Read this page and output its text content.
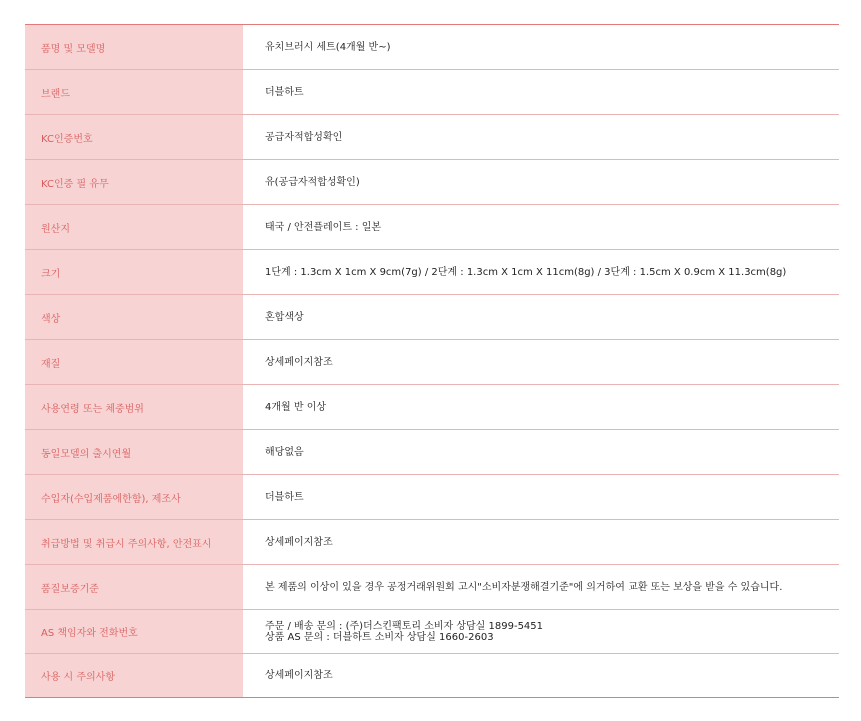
품명 및 모델명	유치브러시 세트(4개월 반~)

브랜드	더블하트

KC인증번호	공급자적합성확인

KC인증 필 유무	유(공급자적합성확인)

원산지	태국 / 안전플레이트 : 일본

크기	1단계 : 1.3cm X 1cm X 9cm(7g) / 2단계 : 1.3cm X 1cm X 11cm(8g) / 3단계 : 1.5cm X 0.9cm X 11.3cm(8g)

색상	혼합색상

재질	상세페이지참조

사용연령 또는 체중범위	4개월 반 이상

동일모델의 출시연월	해당없음

수입자(수입제품에한함), 제조사	더블하트

취급방법 및 취급시 주의사항, 안전표시	상세페이지참조

품질보증기준	본 제품의 이상이 있을 경우 공정거래위원회 고시"소비자분쟁해결기준"에 의거하여 교환 또는 보상을 받을 수 있습니다.

AS 책임자와 전화번호	주문 / 배송 문의 : (주)더스킨팩토리 소비자 상담실 1899-5451
상품 AS 문의 : 더블하트 소비자 상담실 1660-2603

사용 시 주의사항	상세페이지참조
